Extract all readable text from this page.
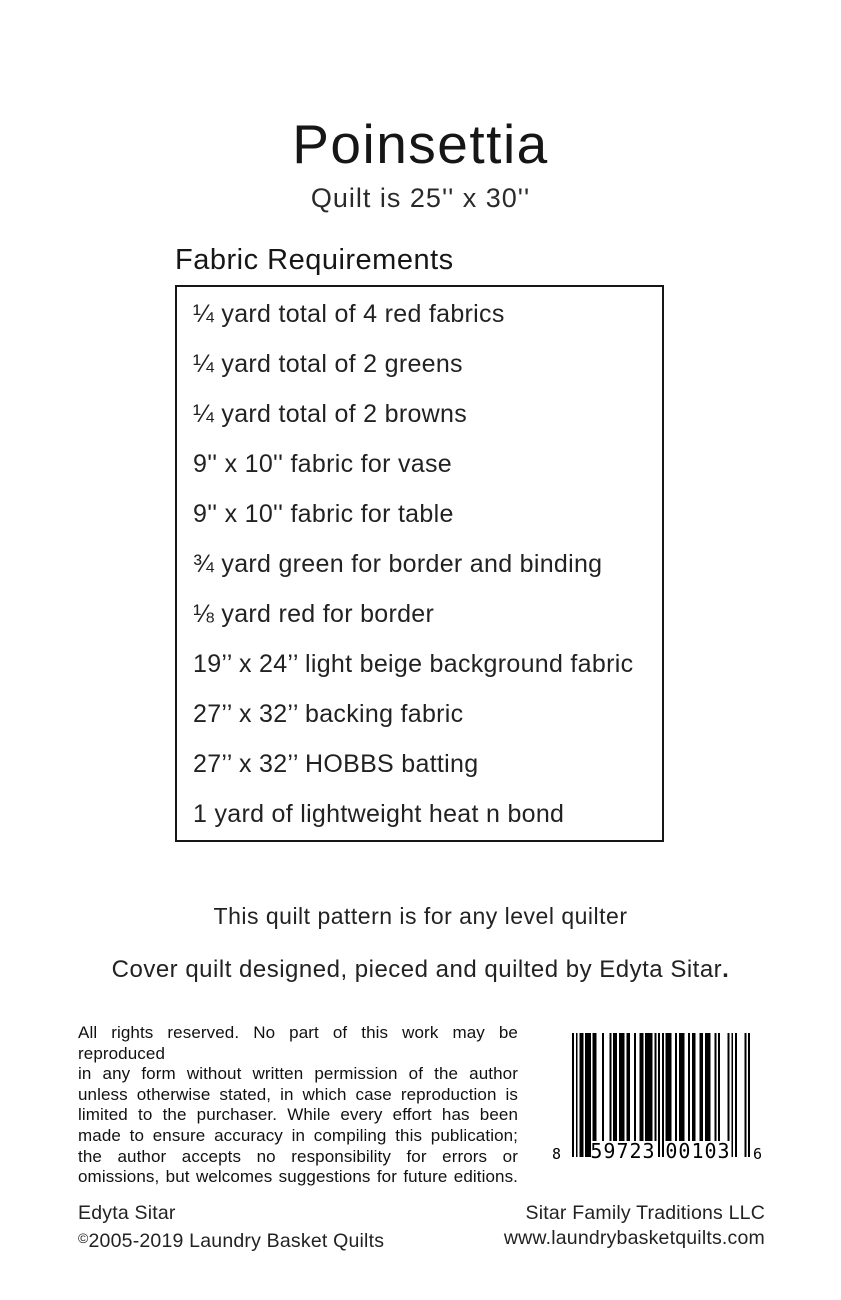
Poinsettia

Quilt is 25'' x 30''

Fabric Requirements
¼ yard total of 4 red fabrics
¼ yard total of 2 greens
¼ yard total of 2 browns
9'' x 10'' fabric for vase
9'' x 10'' fabric for table
¾ yard green for border and binding
⅛ yard red for border
19’’ x 24’’ light beige background fabric
27’’ x 32’’ backing fabric
27’’ x 32’’ HOBBS batting
1 yard of lightweight heat n bond

This quilt pattern is for any level quilter

Cover quilt designed, pieced and quilted by Edyta Sitar.

All rights reserved. No part of this work may be reproduced
in any form without written permission of the author
unless otherwise stated, in which case reproduction is
limited to the purchaser. While every effort has been
made to ensure accuracy in compiling this publication;
the author accepts no responsibility for errors or
omissions, but welcomes suggestions for future editions.
8 59723 00103 6
Edyta Sitar
©2005-2019 Laundry Basket Quilts
Sitar Family Traditions LLC
www.laundrybasketquilts.com
